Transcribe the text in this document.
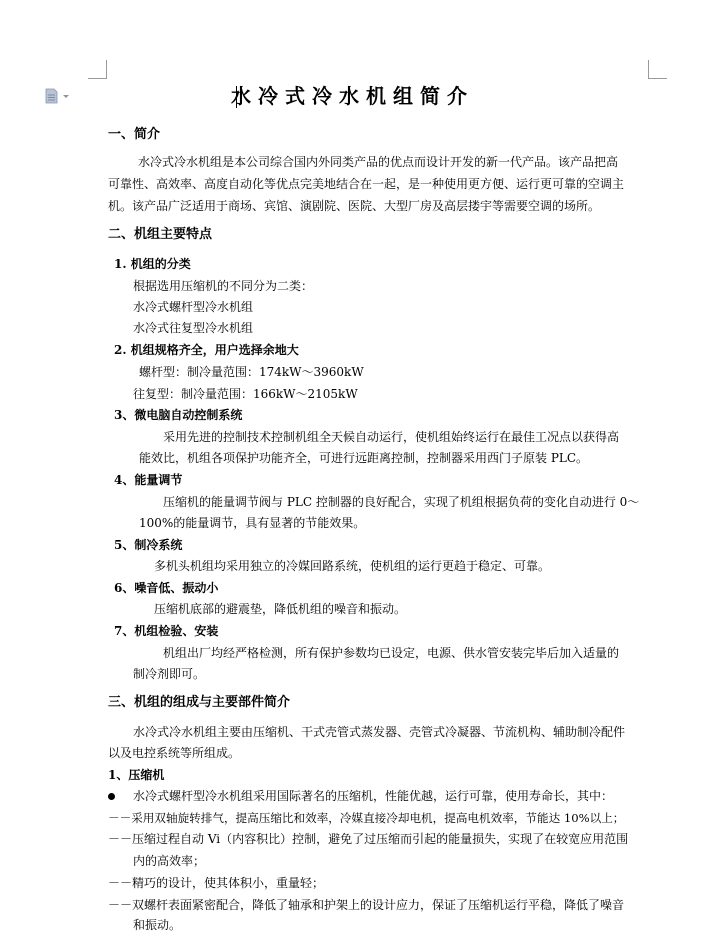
水冷式冷水机组简介
一、简介
水冷式冷水机组是本公司综合国内外同类产品的优点而设计开发的新一代产品。该产品把高
可靠性、高效率、高度自动化等优点完美地结合在一起，是一种使用更方便、运行更可靠的空调主
机。该产品广泛适用于商场、宾馆、演剧院、医院、大型厂房及高层搂宇等需要空调的场所。
二、机组主要特点
1. 机组的分类
根据选用压缩机的不同分为二类：
水冷式螺杆型冷水机组
水冷式往复型冷水机组
2. 机组规格齐全，用户选择余地大
螺杆型：制冷量范围：174kW～3960kW
往复型：制冷量范围：166kW～2105kW
3、微电脑自动控制系统
采用先进的控制技术控制机组全天候自动运行，使机组始终运行在最佳工况点以获得高
能效比，机组各项保护功能齐全，可进行远距离控制，控制器采用西门子原装 PLC。
4、能量调节
压缩机的能量调节阀与 PLC 控制器的良好配合，实现了机组根据负荷的变化自动进行 0～
100%的能量调节，具有显著的节能效果。
5、制冷系统
多机头机组均采用独立的冷媒回路系统，使机组的运行更趋于稳定、可靠。
6、噪音低、振动小
压缩机底部的避震垫，降低机组的噪音和振动。
7、机组检验、安装
机组出厂均经严格检测，所有保护参数均已设定，电源、供水管安装完毕后加入适量的
制冷剂即可。
三、机组的组成与主要部件简介
水冷式冷水机组主要由压缩机、干式壳管式蒸发器、壳管式冷凝器、节流机构、辅助制冷配件
以及电控系统等所组成。
1、压缩机
水冷式螺杆型冷水机组采用国际著名的压缩机，性能优越，运行可靠，使用寿命长，其中：
－－采用双轴旋转排气，提高压缩比和效率，冷媒直接冷却电机，提高电机效率，节能达 10%以上；
－－压缩过程自动 Vi（内容积比）控制，避免了过压缩而引起的能量损失，实现了在较宽应用范围
内的高效率；
－－精巧的设计，使其体积小，重量轻；
－－双螺杆表面紧密配合，降低了轴承和护架上的设计应力，保证了压缩机运行平稳，降低了噪音
和振动。
